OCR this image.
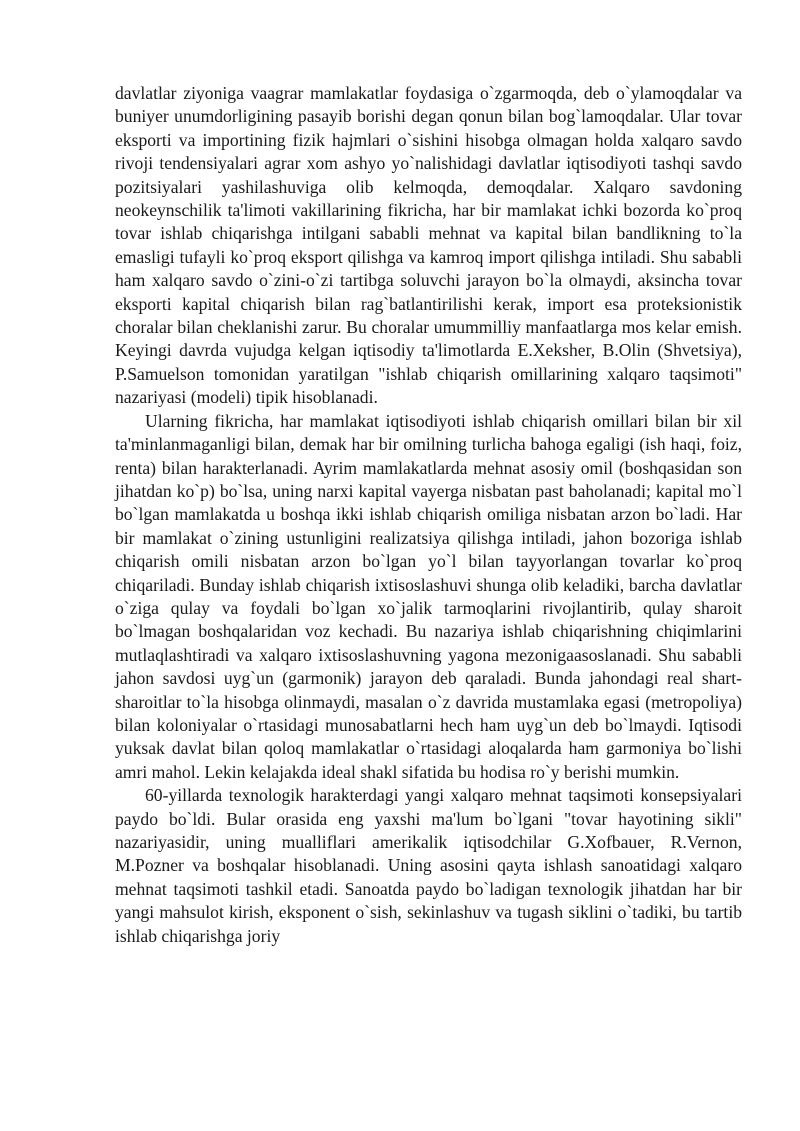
davlatlar ziyoniga vaagrar mamlakatlar foydasiga o`zgarmoqda, deb o`ylamoqdalar va buniyer unumdorligining pasayib borishi degan qonun bilan bog`lamoqdalar. Ular tovar eksporti va importining fizik hajmlari o`sishini hisobga olmagan holda xalqaro savdo rivoji tendensiyalari agrar xom ashyo yo`nalishidagi davlatlar iqtisodiyoti tashqi savdo pozitsiyalari yashilashuviga olib kelmoqda, demoqdalar. Xalqaro savdoning neokeynschilik ta'limoti vakillarining fikricha, har bir mamlakat ichki bozorda ko`proq tovar ishlab chiqarishga intilgani sababli mehnat va kapital bilan bandlikning to`la emasligi tufayli ko`proq eksport qilishga va kamroq import qilishga intiladi. Shu sababli ham xalqaro savdo o`zini-o`zi tartibga soluvchi jarayon bo`la olmaydi, aksincha tovar eksporti kapital chiqarish bilan rag`batlantirilishi kerak, import esa proteksionistik choralar bilan cheklanishi zarur. Bu choralar umummilliy manfaatlarga mos kelar emish. Keyingi davrda vujudga kelgan iqtisodiy ta'limotlarda E.Xeksher, B.Olin (Shvetsiya), P.Samuelson tomonidan yaratilgan "ishlab chiqarish omillarining xalqaro taqsimoti" nazariyasi (modeli) tipik hisoblanadi.

Ularning fikricha, har mamlakat iqtisodiyoti ishlab chiqarish omillari bilan bir xil ta'minlanmaganligi bilan, demak har bir omilning turlicha bahoga egaligi (ish haqi, foiz, renta) bilan harakterlanadi. Ayrim mamlakatlarda mehnat asosiy omil (boshqasidan son jihatdan ko`p) bo`lsa, uning narxi kapital vayerga nisbatan past baholanadi; kapital mo`l bo`lgan mamlakatda u boshqa ikki ishlab chiqarish omiliga nisbatan arzon bo`ladi. Har bir mamlakat o`zining ustunligini realizatsiya qilishga intiladi, jahon bozoriga ishlab chiqarish omili nisbatan arzon bo`lgan yo`l bilan tayyorlangan tovarlar ko`proq chiqariladi. Bunday ishlab chiqarish ixtisoslashuvi shunga olib keladiki, barcha davlatlar o`ziga qulay va foydali bo`lgan xo`jalik tarmoqlarini rivojlantirib, qulay sharoit bo`lmagan boshqalaridan voz kechadi. Bu nazariya ishlab chiqarishning chiqimlarini mutlaqlashtiradi va xalqaro ixtisoslashuvning yagona mezonigaasoslanadi. Shu sababli jahon savdosi uyg`un (garmonik) jarayon deb qaraladi. Bunda jahondagi real shart-sharoitlar to`la hisobga olinmaydi, masalan o`z davrida mustamlaka egasi (metropoliya) bilan koloniyalar o`rtasidagi munosabatlarni hech ham uyg`un deb bo`lmaydi. Iqtisodi yuksak davlat bilan qoloq mamlakatlar o`rtasidagi aloqalarda ham garmoniya bo`lishi amri mahol. Lekin kelajakda ideal shakl sifatida bu hodisa ro`y berishi mumkin.

60-yillarda texnologik harakterdagi yangi xalqaro mehnat taqsimoti konsepsiyalari paydo bo`ldi. Bular orasida eng yaxshi ma'lum bo`lgani "tovar hayotining sikli" nazariyasidir, uning mualliflari amerikalik iqtisodchilar G.Xofbauer, R.Vernon, M.Pozner va boshqalar hisoblanadi. Uning asosini qayta ishlash sanoatidagi xalqaro mehnat taqsimoti tashkil etadi. Sanoatda paydo bo`ladigan texnologik jihatdan har bir yangi mahsulot kirish, eksponent o`sish, sekinlashuv va tugash siklini o`tadiki, bu tartib ishlab chiqarishga joriy
